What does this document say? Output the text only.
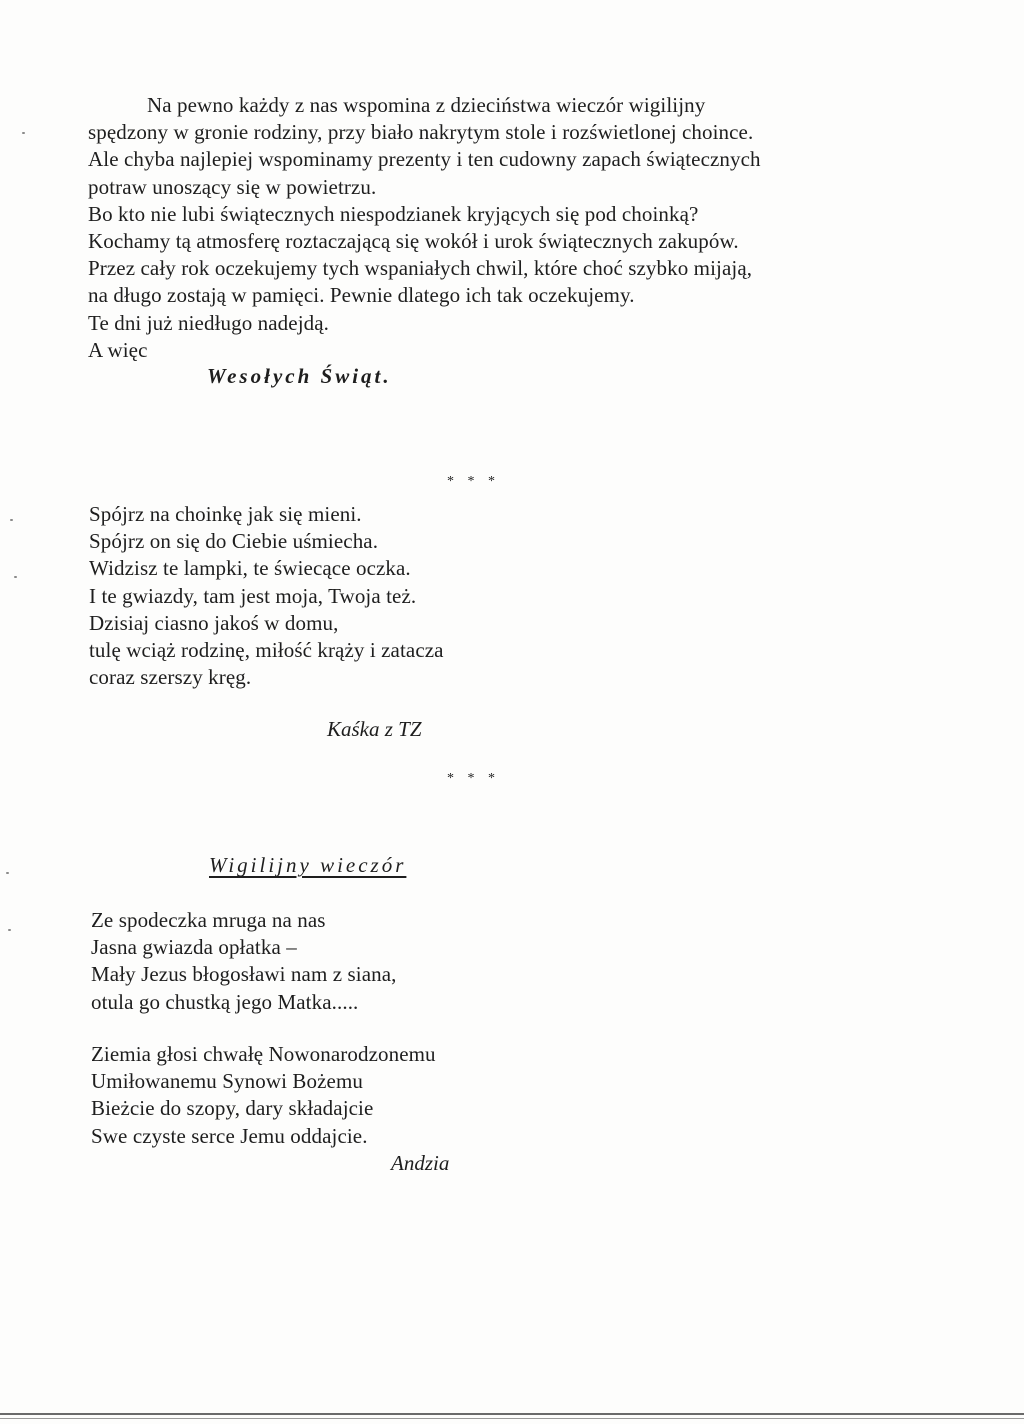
Na pewno każdy z nas wspomina z dzieciństwa wieczór wigilijny
spędzony w gronie rodziny, przy biało nakrytym stole i rozświetlonej choince.
Ale chyba najlepiej wspominamy prezenty i ten cudowny zapach świątecznych
potraw unoszący się w powietrzu.
Bo kto nie lubi świątecznych niespodzianek kryjących się pod choinką?
Kochamy tą atmosferę roztaczającą się wokół i urok świątecznych zakupów.
Przez cały rok oczekujemy tych wspaniałych chwil, które choć szybko mijają,
na długo zostają w pamięci. Pewnie dlatego ich tak oczekujemy.
Te dni już niedługo nadejdą.
A więc
Wesołych Świąt.
* * *
Spójrz na choinkę jak się mieni.
Spójrz on się do Ciebie uśmiecha.
Widzisz te lampki, te świecące oczka.
I te gwiazdy, tam jest moja, Twoja też.
Dzisiaj ciasno jakoś w domu,
tulę wciąż rodzinę, miłość krąży i zatacza
coraz szerszy kręg.
Kaśka z TZ
* * *
Wigilijny wieczór
Ze spodeczka mruga na nas
Jasna gwiazda opłatka –
Mały Jezus błogosławi nam z siana,
otula go chustką jego Matka.....
Ziemia głosi chwałę Nowonarodzonemu
Umiłowanemu Synowi Bożemu
Bieżcie do szopy, dary składajcie
Swe czyste serce Jemu oddajcie.
Andzia
